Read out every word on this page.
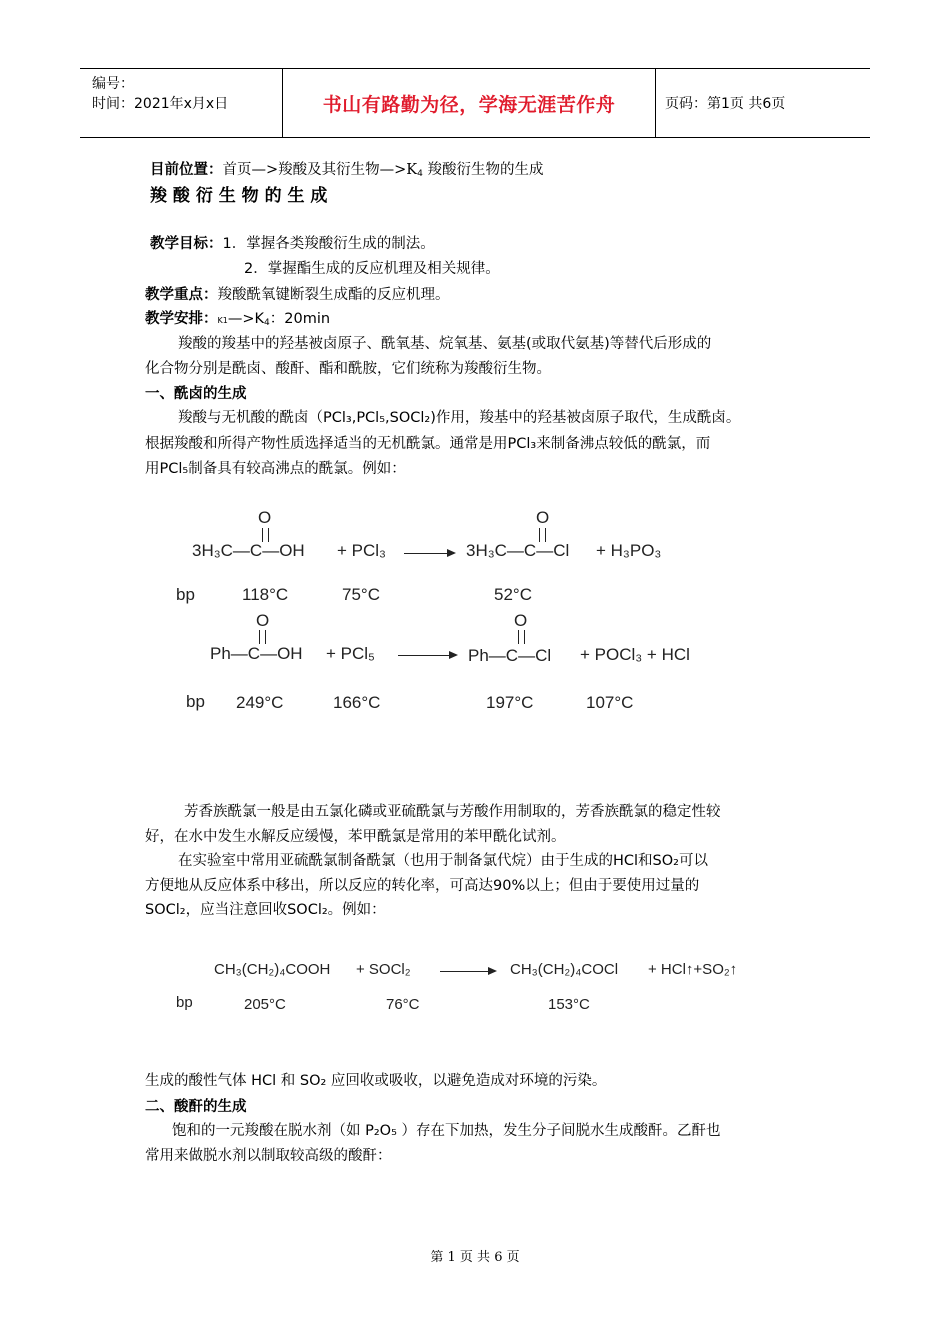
编号：
时间：2021年x月x日	书山有路勤为径，学海无涯苦作舟	页码：第1页 共6页
目前位置：首页—>羧酸及其衍生物$—>K_4$ 羧酸衍生物的生成
羧 酸 衍 生 物 的 生 成
教学目标：1．掌握各类羧酸衍生成的制法。
2．掌握酯生成的反应机理及相关规律。
教学重点：羧酸酰氧键断裂生成酯的反应机理。
教学安排：$K1—>K_4$：20min
羧酸的羧基中的羟基被卤原子、酰氧基、烷氧基、氨基(或取代氨基)等替代后形成的
化合物分别是酰卤、酸酐、酯和酰胺，它们统称为羧酸衍生物。
一、酰卤的生成
羧酸与无机酸的酰卤（PCl₃,PCl₅,SOCl₂)作用，羧基中的羟基被卤原子取代，生成酰卤。
根据羧酸和所得产物性质选择适当的无机酰氯。通常是用PCl₃来制备沸点较低的酰氯，而
用PCl₅制备具有较高沸点的酰氯。例如：
O
3H₃C—C—OH + PCl₃
O
3H₃C—C—Cl + H₃PO₃
bp	118°C	75°C	52°C
O
Ph—C—OH + PCl₅
O
Ph—C—Cl + POCl₃ + HCl
bp 249°C	166°C	197°C	107°C
芳香族酰氯一般是由五氯化磷或亚硫酰氯与芳酸作用制取的，芳香族酰氯的稳定性较
好，在水中发生水解反应缓慢，苯甲酰氯是常用的苯甲酰化试剂。
在实验室中常用亚硫酰氯制备酰氯（也用于制备氯代烷）由于生成的HCl和SO₂可以
方便地从反应体系中移出，所以反应的转化率，可高达90%以上；但由于要使用过量的
SOCl₂，应当注意回收SOCl₂。例如：
CH₃(CH₂)₄COOH + SOCl₂	CH₃(CH₂)₄COCl + HCl↑+SO₂↑
bp	205°C	76°C	153°C
生成的酸性气体 HCl 和 SO₂ 应回收或吸收，以避免造成对环境的污染。
二、酸酐的生成
饱和的一元羧酸在脱水剂（如 P₂O₅ ）存在下加热，发生分子间脱水生成酸酐。乙酐也
常用来做脱水剂以制取较高级的酸酐：
第 1 页 共 6 页
